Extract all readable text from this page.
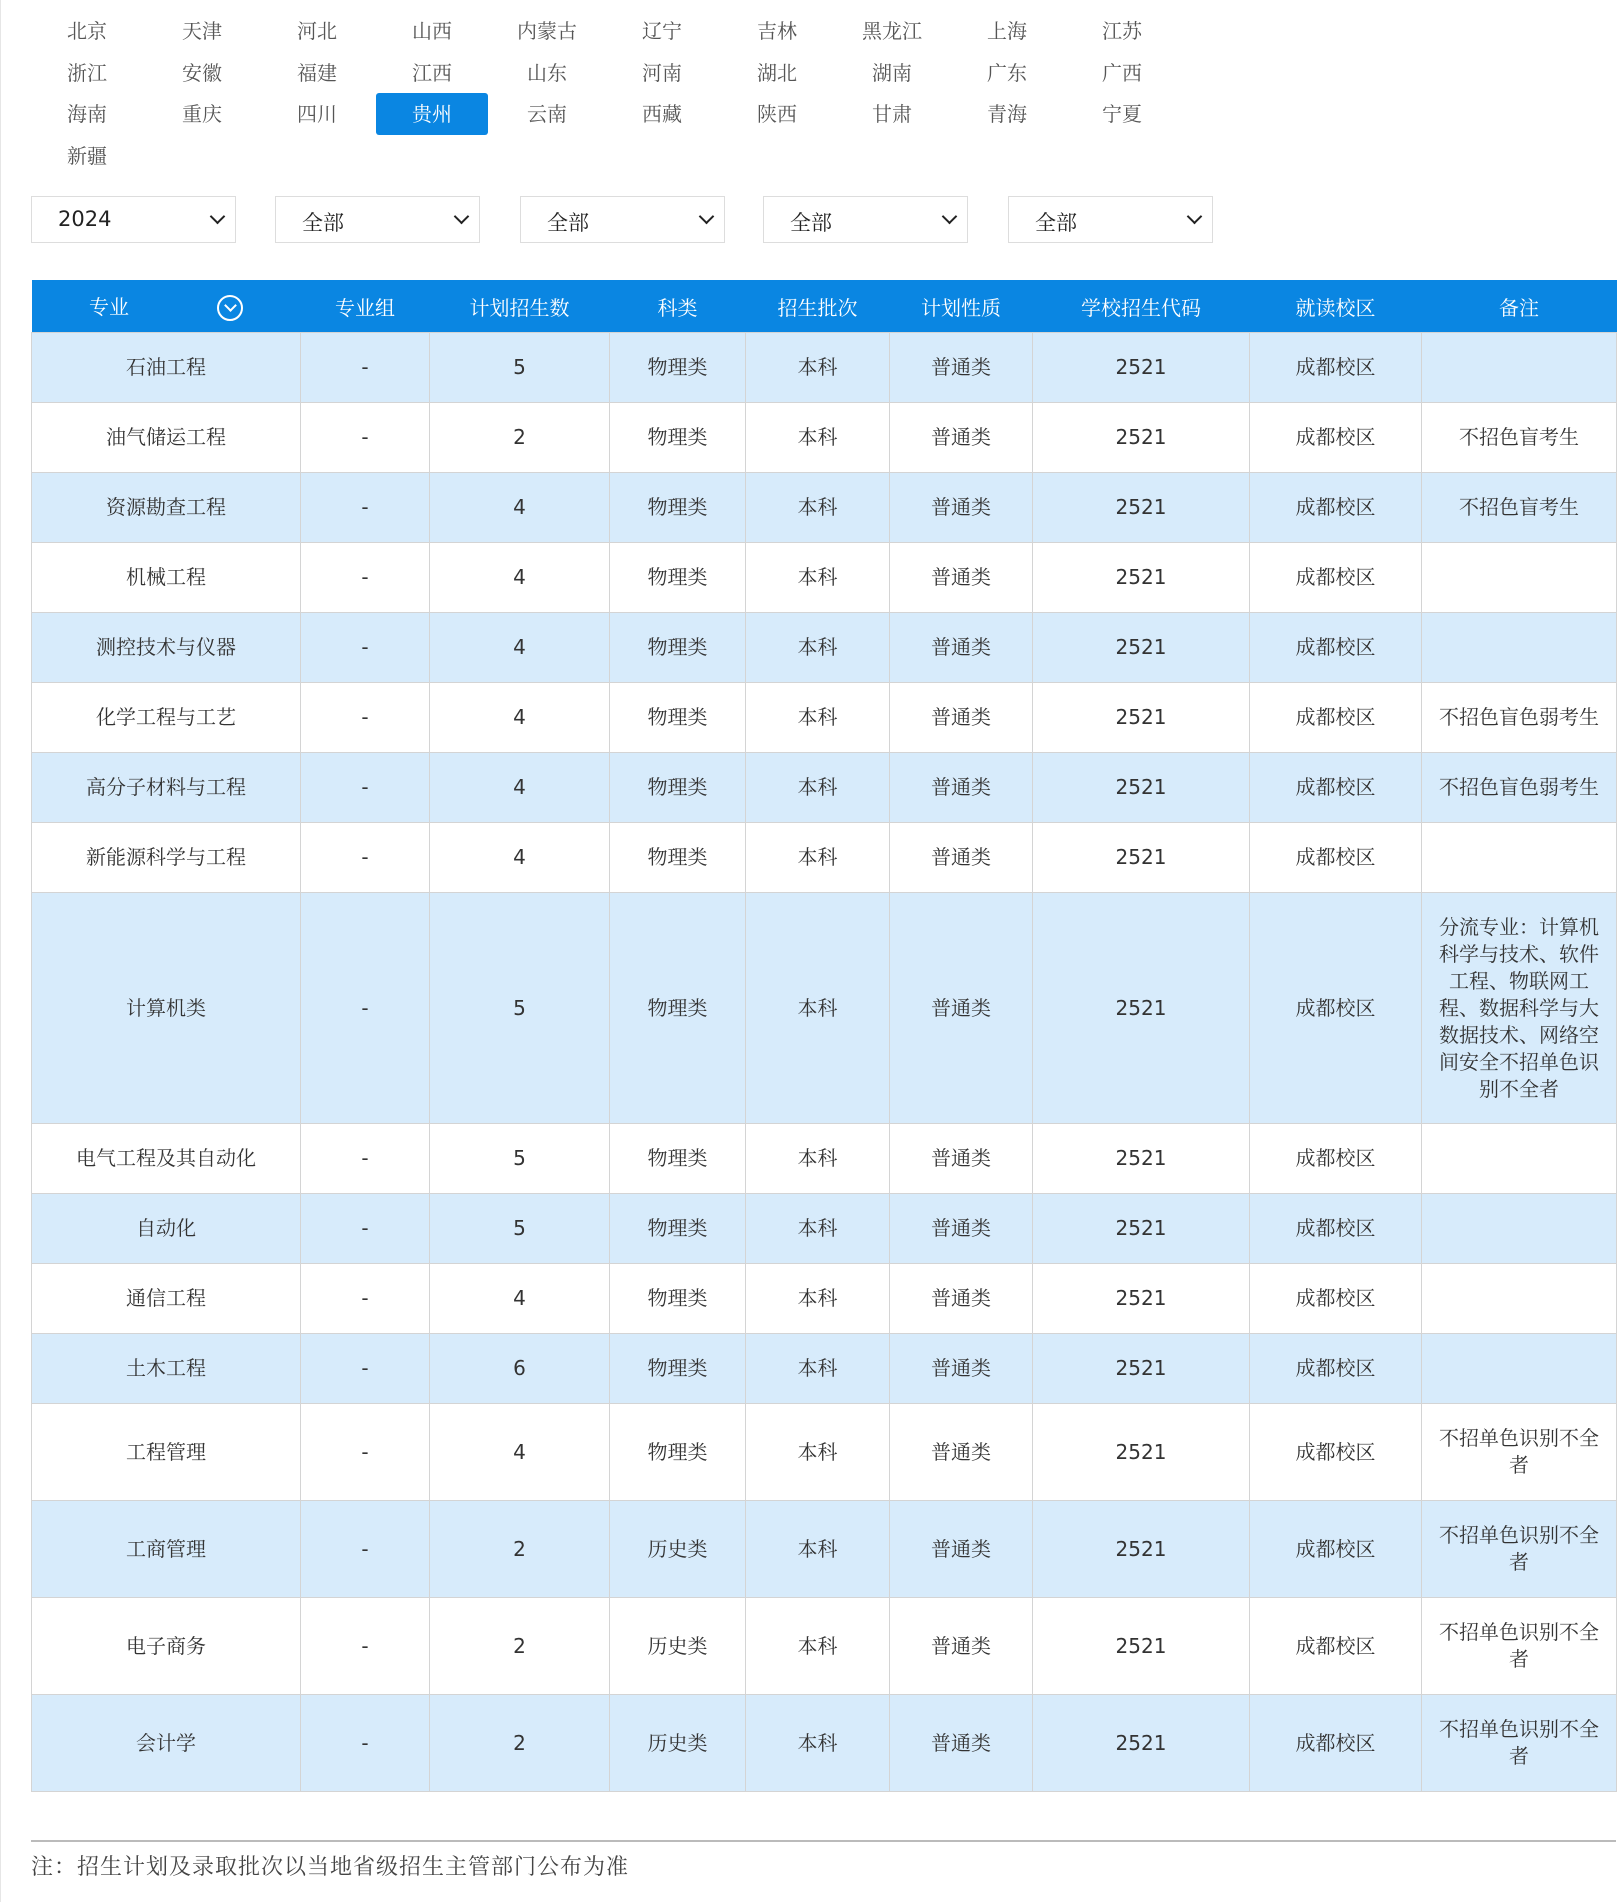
北京	天津	河北	山西	内蒙古	辽宁	吉林	黑龙江	上海	江苏
浙江	安徽	福建	江西	山东	河南	湖北	湖南	广东	广西
海南	重庆	四川	贵州	云南	西藏	陕西	甘肃	青海	宁夏
新疆
2024	全部	全部	全部	全部
专业	专业组	计划招生数	科类	招生批次	计划性质	学校招生代码	就读校区	备注
石油工程	-	5	物理类	本科	普通类	2521	成都校区	
油气储运工程	-	2	物理类	本科	普通类	2521	成都校区	不招色盲考生
资源勘查工程	-	4	物理类	本科	普通类	2521	成都校区	不招色盲考生
机械工程	-	4	物理类	本科	普通类	2521	成都校区	
测控技术与仪器	-	4	物理类	本科	普通类	2521	成都校区	
化学工程与工艺	-	4	物理类	本科	普通类	2521	成都校区	不招色盲色弱考生
高分子材料与工程	-	4	物理类	本科	普通类	2521	成都校区	不招色盲色弱考生
新能源科学与工程	-	4	物理类	本科	普通类	2521	成都校区	
计算机类	-	5	物理类	本科	普通类	2521	成都校区	分流专业：计算机科学与技术、软件工程、物联网工程、数据科学与大数据技术、网络空间安全不招单色识别不全者
电气工程及其自动化	-	5	物理类	本科	普通类	2521	成都校区	
自动化	-	5	物理类	本科	普通类	2521	成都校区	
通信工程	-	4	物理类	本科	普通类	2521	成都校区	
土木工程	-	6	物理类	本科	普通类	2521	成都校区	
工程管理	-	4	物理类	本科	普通类	2521	成都校区	不招单色识别不全者
工商管理	-	2	历史类	本科	普通类	2521	成都校区	不招单色识别不全者
电子商务	-	2	历史类	本科	普通类	2521	成都校区	不招单色识别不全者
会计学	-	2	历史类	本科	普通类	2521	成都校区	不招单色识别不全者
注：招生计划及录取批次以当地省级招生主管部门公布为准
